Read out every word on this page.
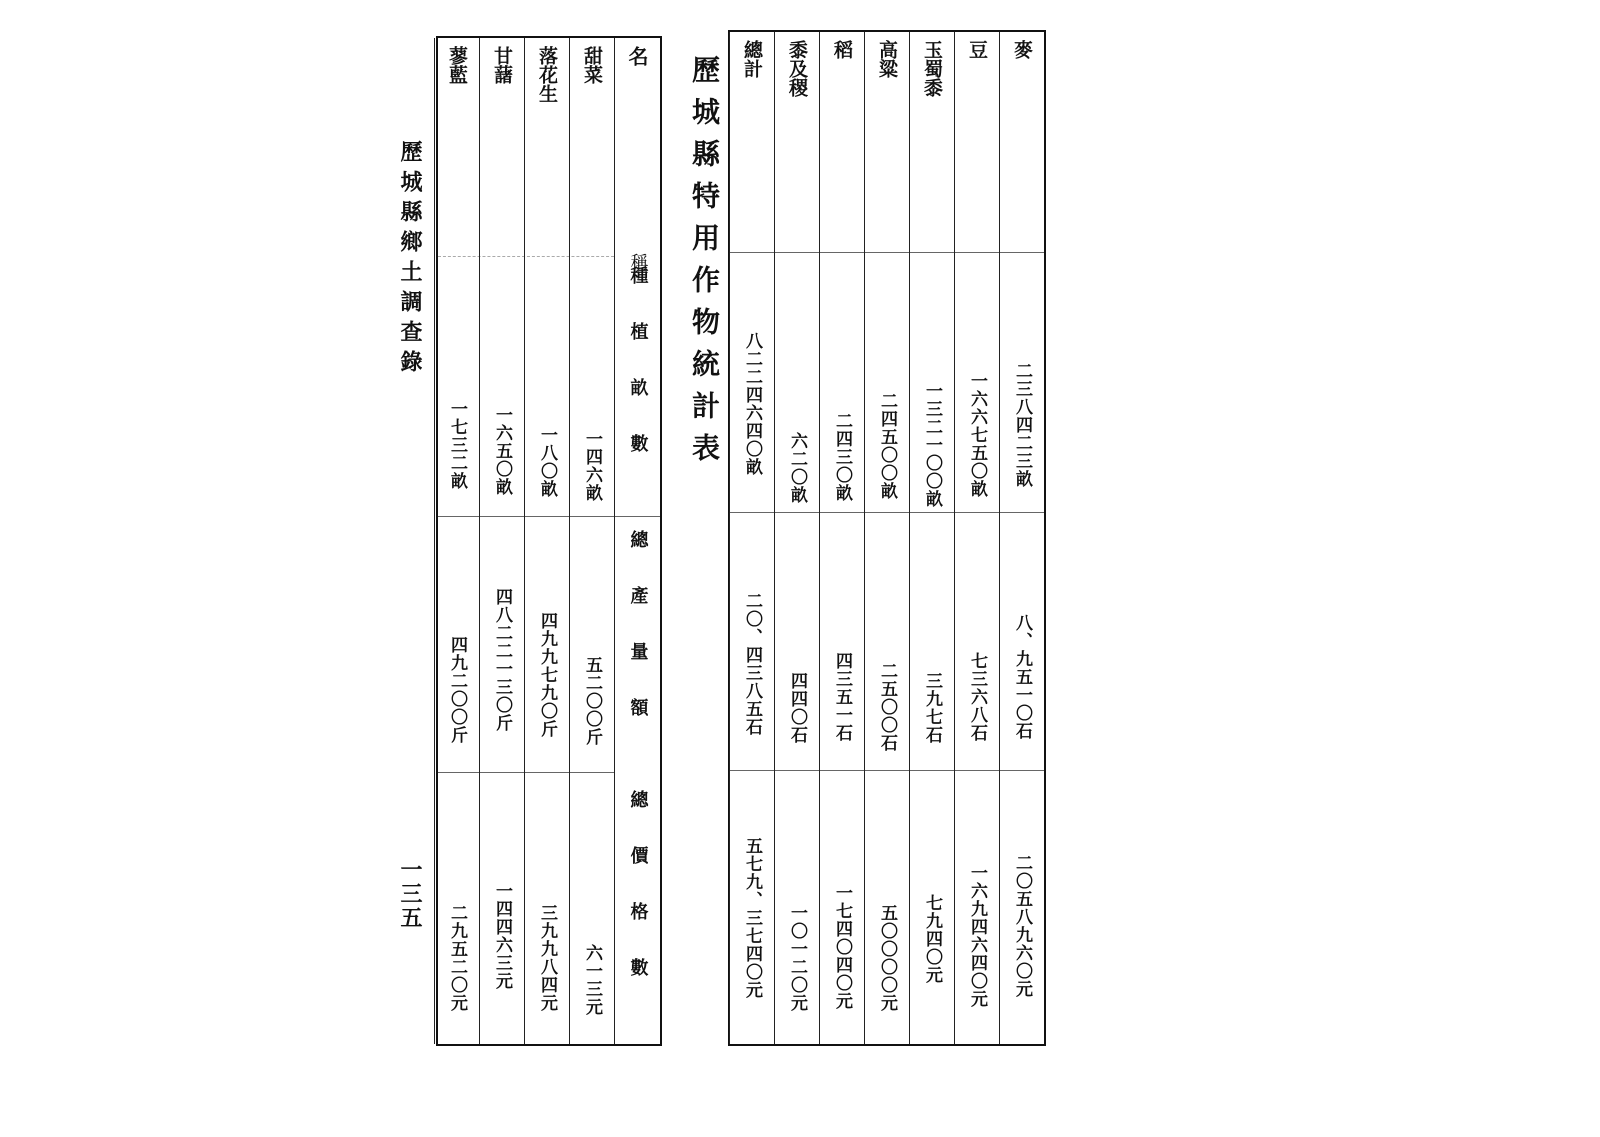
歷城縣鄉土調查錄
一三五
歷城縣特用作物統計表
麥
二三八四二三畝
八、九五一〇石
二〇五八九六〇元
豆
一六六七五〇畝
七三六八石
一六九四六四〇元
玉蜀黍
一三二一〇〇畝
三九七石
七九四〇元
高粱
二四五〇〇畝
二五〇〇石
五〇〇〇〇元
稻
二四三〇畝
四三五一石
一七四〇四〇元
黍及稷
六二〇畝
四四〇石
一〇一二〇元
總計
八二二四六四〇畝
二〇、四三八五石
五七九、三七四〇元
名
稱
種植畝數
總產量額
總價格數
甜菜
一四六畝
五二〇〇斤
六一三元
落花生
一八〇畝
四九九七九〇斤
三九九八四元
甘藷
一六五〇畝
四八二二一三〇斤
一四四六三元
蓼藍
一七三二畝
四九二〇〇斤
二九五二〇元
